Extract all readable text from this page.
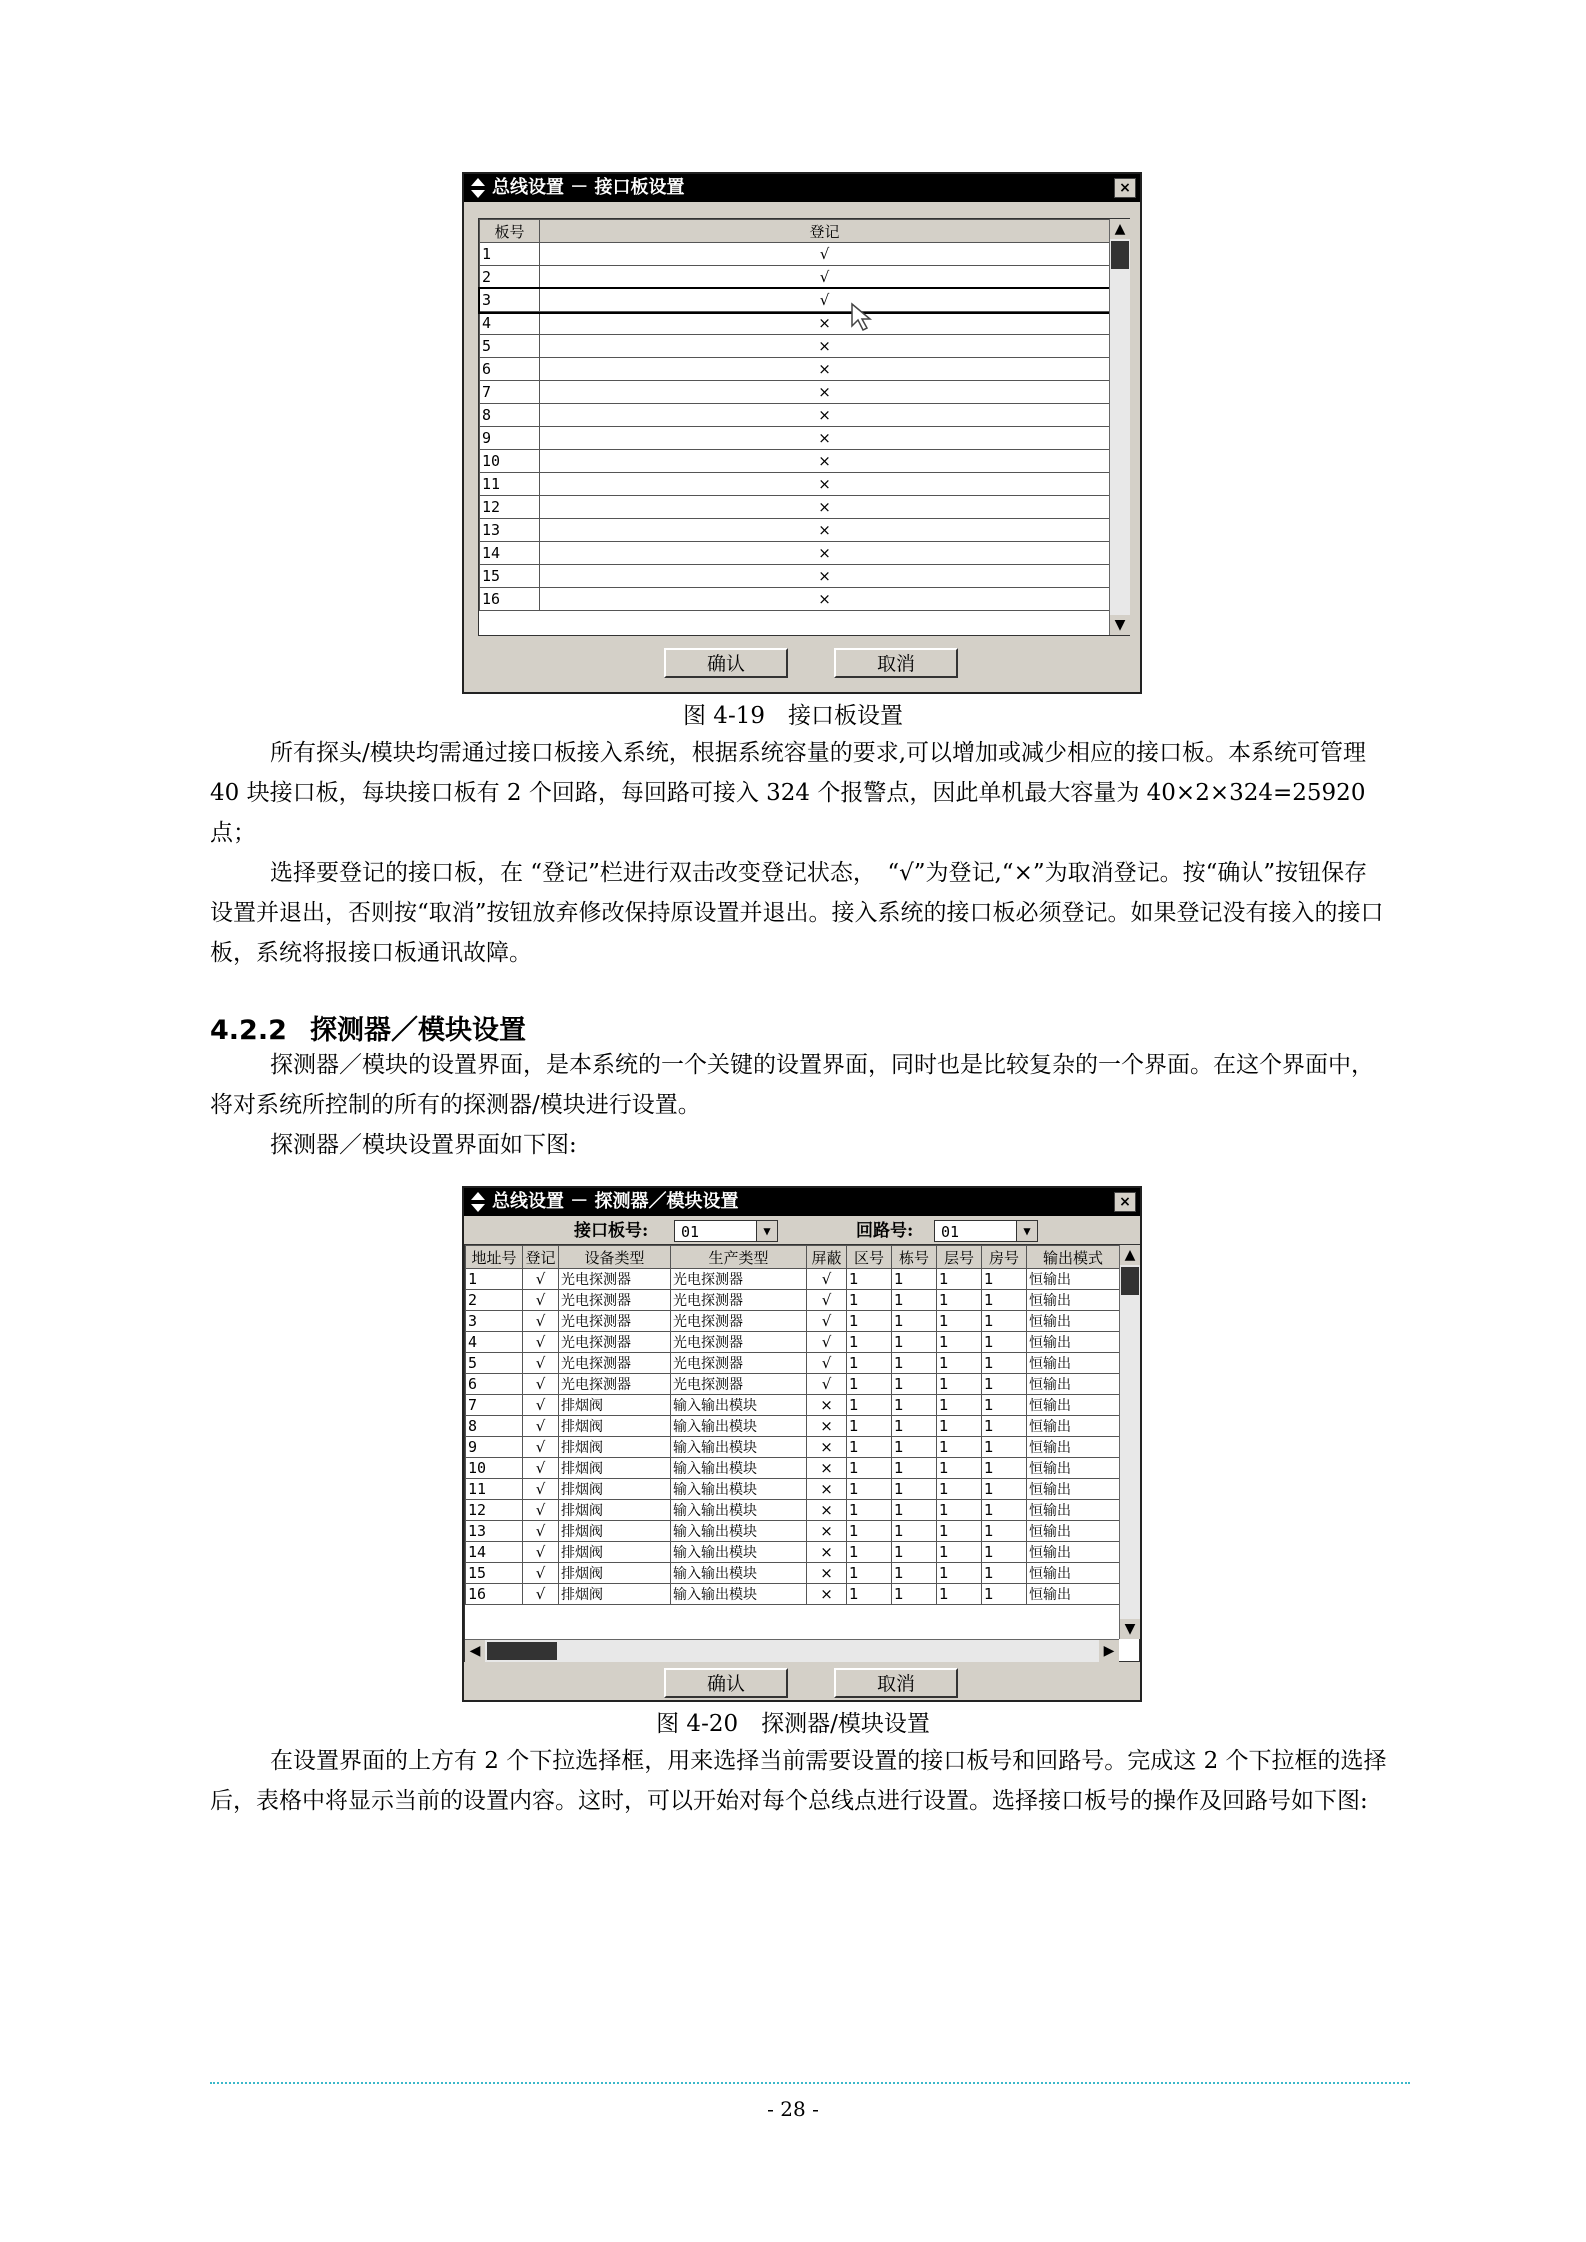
总线设置 － 接口板设置	×
板号	登记
1	√
2	√
3	√
4	×
5	×
6	×
7	×
8	×
9	×
10	×
11	×
12	×
13	×
14	×
15	×
16	×
▲
▼
确认	取消
图 4-19　接口板设置

所有探头/模块均需通过接口板接入系统，根据系统容量的要求,可以增加或减少相应的接口板。本系统可管理 40 块接口板，每块接口板有 2 个回路，每回路可接入 324 个报警点，因此单机最大容量为 40×2×324=25920 点；

选择要登记的接口板，在 “登记”栏进行双击改变登记状态，　“√”为登记,“×”为取消登记。按“确认”按钮保存设置并退出，否则按“取消”按钮放弃修改保持原设置并退出。接入系统的接口板必须登记。如果登记没有接入的接口板，系统将报接口板通讯故障。

4.2.2 探测器／模块设置

探测器／模块的设置界面，是本系统的一个关键的设置界面，同时也是比较复杂的一个界面。在这个界面中，将对系统所控制的所有的探测器/模块进行设置。

探测器／模块设置界面如下图:

总线设置 － 探测器／模块设置	×
接口板号:	01	▼	回路号:	01	▼
地址号	登记	设备类型	生产类型	屏蔽	区号	栋号	层号	房号	输出模式
1	√	光电探测器	光电探测器	√	1	1	1	1	恒输出
2	√	光电探测器	光电探测器	√	1	1	1	1	恒输出
3	√	光电探测器	光电探测器	√	1	1	1	1	恒输出
4	√	光电探测器	光电探测器	√	1	1	1	1	恒输出
5	√	光电探测器	光电探测器	√	1	1	1	1	恒输出
6	√	光电探测器	光电探测器	√	1	1	1	1	恒输出
7	√	排烟阀	输入输出模块	×	1	1	1	1	恒输出
8	√	排烟阀	输入输出模块	×	1	1	1	1	恒输出
9	√	排烟阀	输入输出模块	×	1	1	1	1	恒输出
10	√	排烟阀	输入输出模块	×	1	1	1	1	恒输出
11	√	排烟阀	输入输出模块	×	1	1	1	1	恒输出
12	√	排烟阀	输入输出模块	×	1	1	1	1	恒输出
13	√	排烟阀	输入输出模块	×	1	1	1	1	恒输出
14	√	排烟阀	输入输出模块	×	1	1	1	1	恒输出
15	√	排烟阀	输入输出模块	×	1	1	1	1	恒输出
16	√	排烟阀	输入输出模块	×	1	1	1	1	恒输出
▲
▼
◀	▶
确认	取消
图 4-20　探测器/模块设置

在设置界面的上方有 2 个下拉选择框，用来选择当前需要设置的接口板号和回路号。完成这 2 个下拉框的选择后，表格中将显示当前的设置内容。这时，可以开始对每个总线点进行设置。选择接口板号的操作及回路号如下图:

- 28 -
